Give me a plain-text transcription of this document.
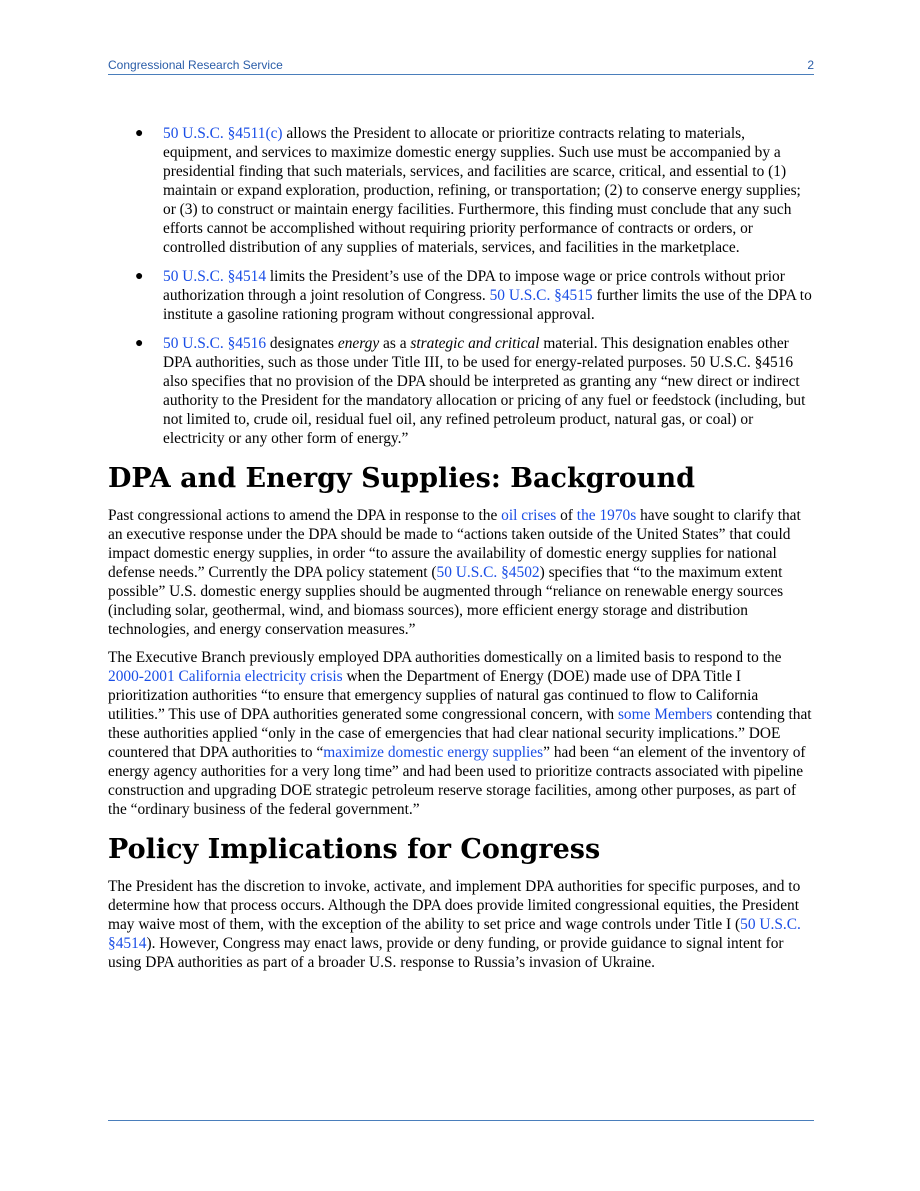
Congressional Research Service	2
● 50 U.S.C. §4511(c) allows the President to allocate or prioritize contracts relating to materials, equipment, and services to maximize domestic energy supplies. Such use must be accompanied by a presidential finding that such materials, services, and facilities are scarce, critical, and essential to (1) maintain or expand exploration, production, refining, or transportation; (2) to conserve energy supplies; or (3) to construct or maintain energy facilities. Furthermore, this finding must conclude that any such efforts cannot be accomplished without requiring priority performance of contracts or orders, or controlled distribution of any supplies of materials, services, and facilities in the marketplace.
● 50 U.S.C. §4514 limits the President’s use of the DPA to impose wage or price controls without prior authorization through a joint resolution of Congress. 50 U.S.C. §4515 further limits the use of the DPA to institute a gasoline rationing program without congressional approval.
● 50 U.S.C. §4516 designates energy as a strategic and critical material. This designation enables other DPA authorities, such as those under Title III, to be used for energy-related purposes. 50 U.S.C. §4516 also specifies that no provision of the DPA should be interpreted as granting any “new direct or indirect authority to the President for the mandatory allocation or pricing of any fuel or feedstock (including, but not limited to, crude oil, residual fuel oil, any refined petroleum product, natural gas, or coal) or electricity or any other form of energy.”
DPA and Energy Supplies: Background

Past congressional actions to amend the DPA in response to the oil crises of the 1970s have sought to clarify that an executive response under the DPA should be made to “actions taken outside of the United States” that could impact domestic energy supplies, in order “to assure the availability of domestic energy supplies for national defense needs.” Currently the DPA policy statement (50 U.S.C. §4502) specifies that “to the maximum extent possible” U.S. domestic energy supplies should be augmented through “reliance on renewable energy sources (including solar, geothermal, wind, and biomass sources), more efficient energy storage and distribution technologies, and energy conservation measures.”

The Executive Branch previously employed DPA authorities domestically on a limited basis to respond to the 2000-2001 California electricity crisis when the Department of Energy (DOE) made use of DPA Title I prioritization authorities “to ensure that emergency supplies of natural gas continued to flow to California utilities.” This use of DPA authorities generated some congressional concern, with some Members contending that these authorities applied “only in the case of emergencies that had clear national security implications.” DOE countered that DPA authorities to “maximize domestic energy supplies” had been “an element of the inventory of energy agency authorities for a very long time” and had been used to prioritize contracts associated with pipeline construction and upgrading DOE strategic petroleum reserve storage facilities, among other purposes, as part of the “ordinary business of the federal government.”

Policy Implications for Congress

The President has the discretion to invoke, activate, and implement DPA authorities for specific purposes, and to determine how that process occurs. Although the DPA does provide limited congressional equities, the President may waive most of them, with the exception of the ability to set price and wage controls under Title I (50 U.S.C. §4514). However, Congress may enact laws, provide or deny funding, or provide guidance to signal intent for using DPA authorities as part of a broader U.S. response to Russia’s invasion of Ukraine.
